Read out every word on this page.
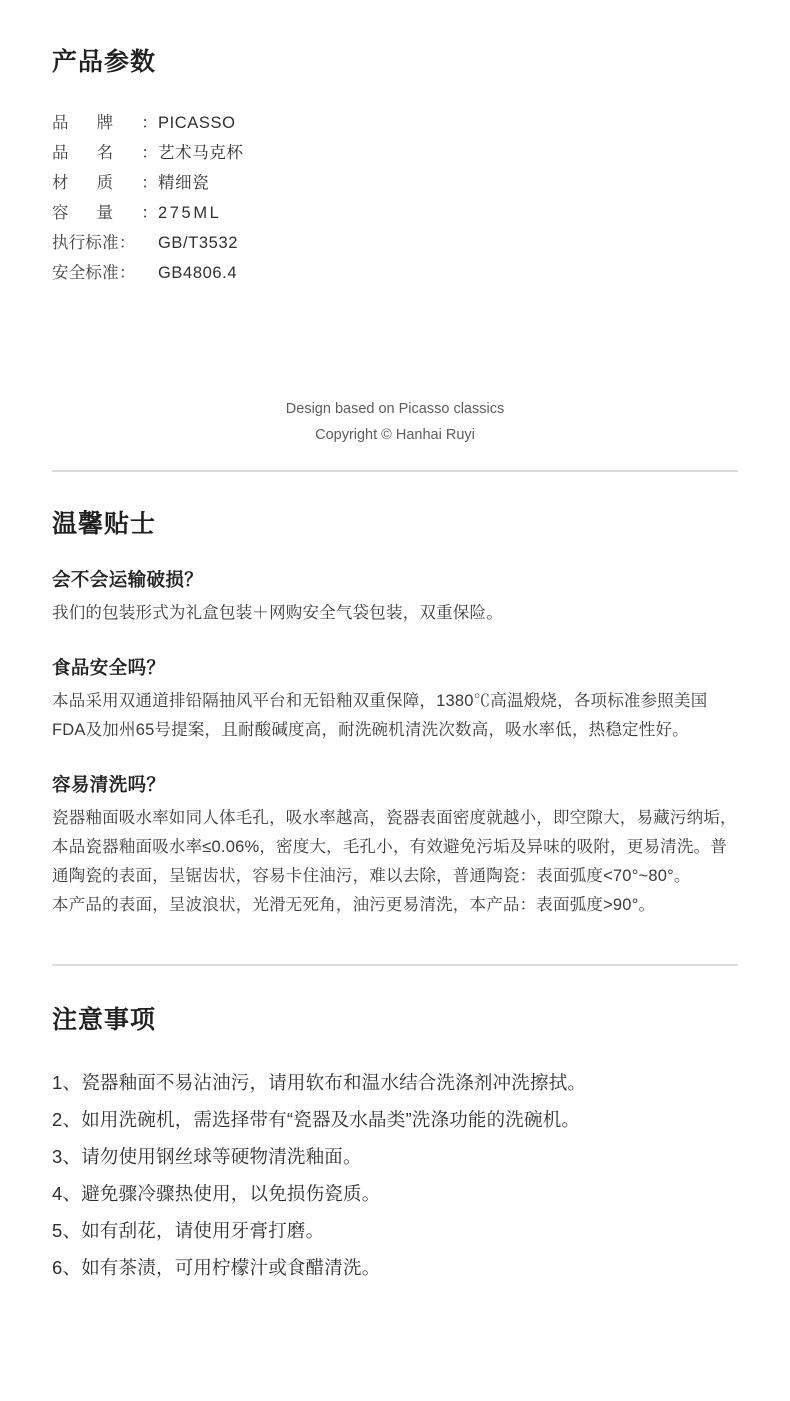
产品参数
品 牌 ： PICASSO
品 名 ： 艺术马克杯
材 质 ： 精细瓷
容 量 ： 275ML
执行标准 ： GB/T3532
安全标准 ： GB4806.4
Design based on Picasso classics
Copyright © Hanhai Ruyi
温馨贴士
会不会运输破损？

我们的包装形式为礼盒包装＋网购安全气袋包装，双重保险。

食品安全吗？

本品采用双通道排铅隔抽风平台和无铅釉双重保障，1380℃高温煅烧，各项标准参照美国FDA及加州65号提案，且耐酸碱度高，耐洗碗机清洗次数高，吸水率低，热稳定性好。

容易清洗吗？

瓷器釉面吸水率如同人体毛孔，吸水率越高，瓷器表面密度就越小，即空隙大，易藏污纳垢，本品瓷器釉面吸水率≤0.06%，密度大，毛孔小，有效避免污垢及异味的吸附，更易清洗。普通陶瓷的表面，呈锯齿状，容易卡住油污，难以去除，普通陶瓷：表面弧度<70°~80°。

本产品的表面，呈波浪状，光滑无死角，油污更易清洗，本产品：表面弧度>90°。

注意事项
1、瓷器釉面不易沾油污，请用软布和温水结合洗涤剂冲洗擦拭。
2、如用洗碗机，需选择带有“瓷器及水晶类”洗涤功能的洗碗机。
3、请勿使用钢丝球等硬物清洗釉面。
4、避免骤冷骤热使用，以免损伤瓷质。
5、如有刮花，请使用牙膏打磨。
6、如有茶渍，可用柠檬汁或食醋清洗。
